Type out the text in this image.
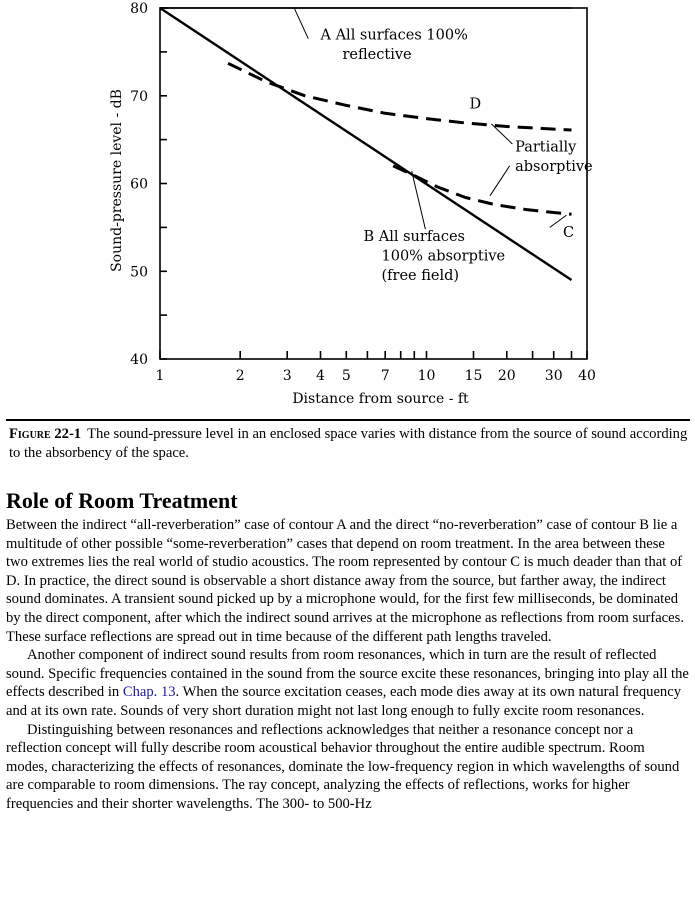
1	2	3 4 5 7 10 15 20 30 40
40
50
60
70
80
Distance from source - ft
Sound-pressure level - dB
A All surfaces 100%
reflective
B All surfaces
100% absorptive
(free field)
C
D
Partially
absorptive
Figure 22-1 The sound-pressure level in an enclosed space varies with distance from the source of sound according to the absorbency of the space.
Role of Room Treatment

Between the indirect “all-reverberation” case of contour A and the direct “no-reverberation” case of contour B lie a multitude of other possible “some-reverberation” cases that depend on room treatment. In the area between these two extremes lies the real world of studio acoustics. The room represented by contour C is much deader than that of D. In practice, the direct sound is observable a short distance away from the source, but farther away, the indirect sound dominates. A transient sound picked up by a microphone would, for the first few milliseconds, be dominated by the direct component, after which the indirect sound arrives at the microphone as reflections from room surfaces. These surface reflections are spread out in time because of the different path lengths traveled.

Another component of indirect sound results from room resonances, which in turn are the result of reflected sound. Specific frequencies contained in the sound from the source excite these resonances, bringing into play all the effects described in Chap. 13. When the source excitation ceases, each mode dies away at its own natural frequency and at its own rate. Sounds of very short duration might not last long enough to fully excite room resonances.

Distinguishing between resonances and reflections acknowledges that neither a resonance concept nor a reflection concept will fully describe room acoustical behavior throughout the entire audible spectrum. Room modes, characterizing the effects of resonances, dominate the low-frequency region in which wavelengths of sound are comparable to room dimensions. The ray concept, analyzing the effects of reflections, works for higher frequencies and their shorter wavelengths. The 300- to 500-Hz
